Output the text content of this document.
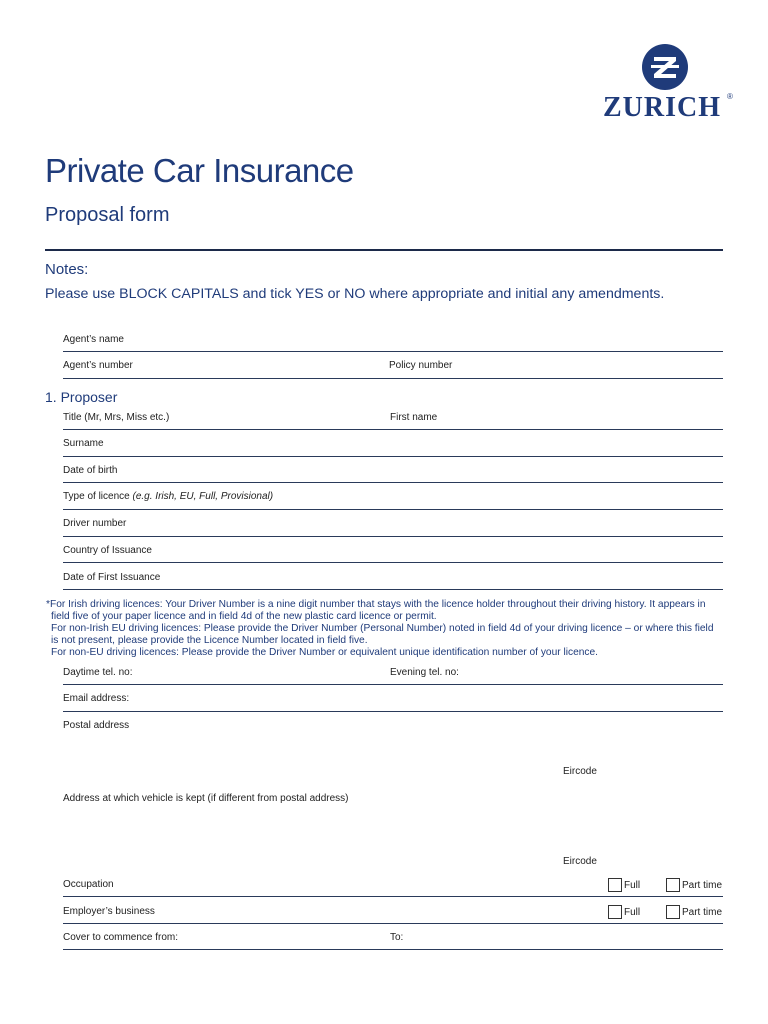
ZURICH ®
Private Car Insurance
Proposal form
Notes:
Please use BLOCK CAPITALS and tick YES or NO where appropriate and initial any amendments.
Agent’s name
Agent’s number	Policy number
1. Proposer
Title (Mr, Mrs, Miss etc.)	First name
Surname
Date of birth
Type of licence (e.g. Irish, EU, Full, Provisional)
Driver number
Country of Issuance
Date of First Issuance
*For Irish driving licences: Your Driver Number is a nine digit number that stays with the licence holder throughout their driving history. It appears in
field five of your paper licence and in field 4d of the new plastic card licence or permit.
For non-Irish EU driving licences: Please provide the Driver Number (Personal Number) noted in field 4d of your driving licence – or where this field
is not present, please provide the Licence Number located in field five.
For non-EU driving licences: Please provide the Driver Number or equivalent unique identification number of your licence.
Daytime tel. no:	Evening tel. no:
Email address:
Postal address
Eircode
Address at which vehicle is kept (if different from postal address)
Eircode
Occupation	Full	Part time
Employer’s business	Full	Part time
Cover to commence from:	To:
